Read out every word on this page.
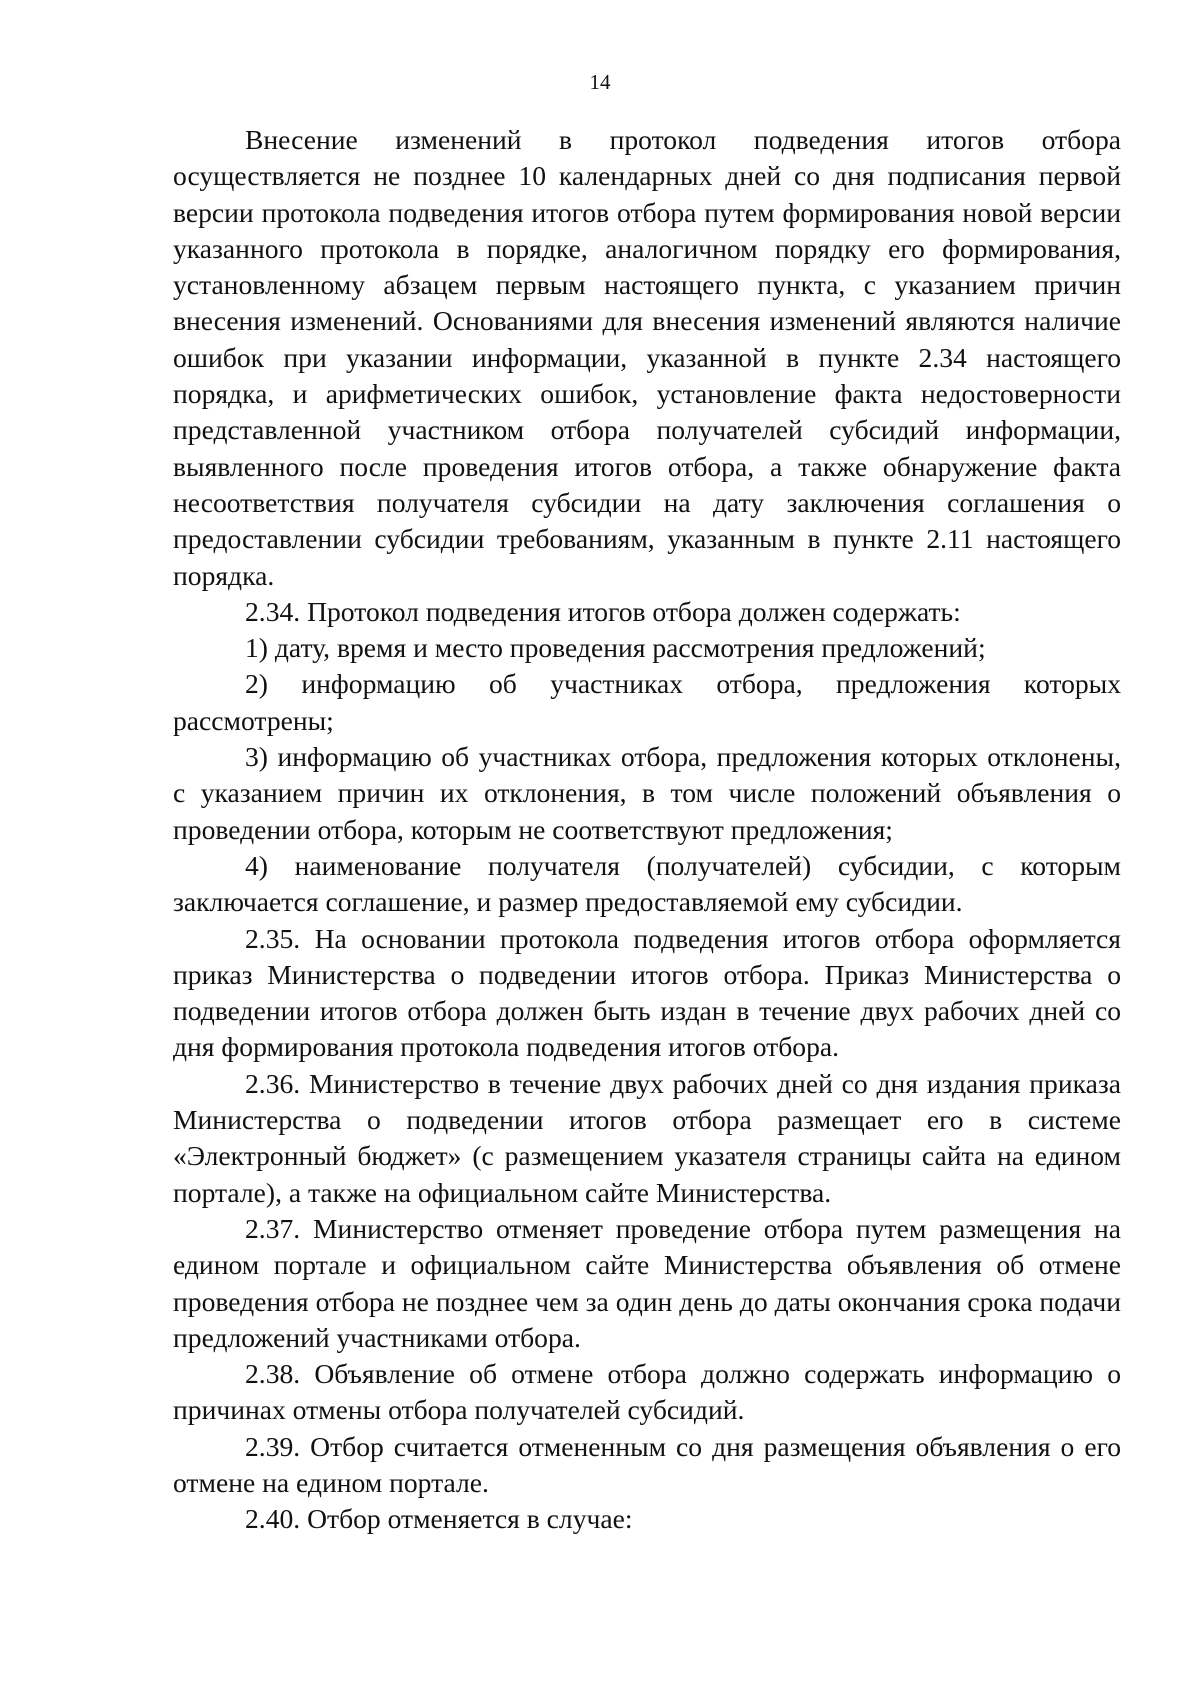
14

Внесение изменений в протокол подведения итогов отбора осуществляется не позднее 10 календарных дней со дня подписания первой версии протокола подведения итогов отбора путем формирования новой версии указанного протокола в порядке, аналогичном порядку его формирования, установленному абзацем первым настоящего пункта, с указанием причин внесения изменений. Основаниями для внесения изменений являются наличие ошибок при указании информации, указанной в пункте 2.34 настоящего порядка, и арифметических ошибок, установление факта недостоверности представленной участником отбора получателей субсидий информации, выявленного после проведения итогов отбора, а также обнаружение факта несоответствия получателя субсидии на дату заключения соглашения о предоставлении субсидии требованиям, указанным в пункте 2.11 настоящего порядка.

2.34. Протокол подведения итогов отбора должен содержать:

1) дату, время и место проведения рассмотрения предложений;

2) информацию об участниках отбора, предложения которых рассмотрены;

3) информацию об участниках отбора, предложения которых отклонены, с указанием причин их отклонения, в том числе положений объявления о проведении отбора, которым не соответствуют предложения;

4) наименование получателя (получателей) субсидии, с которым заключается соглашение, и размер предоставляемой ему субсидии.

2.35. На основании протокола подведения итогов отбора оформляется приказ Министерства о подведении итогов отбора. Приказ Министерства о подведении итогов отбора должен быть издан в течение двух рабочих дней со дня формирования протокола подведения итогов отбора.

2.36. Министерство в течение двух рабочих дней со дня издания приказа Министерства о подведении итогов отбора размещает его в системе «Электронный бюджет» (с размещением указателя страницы сайта на едином портале), а также на официальном сайте Министерства.

2.37. Министерство отменяет проведение отбора путем размещения на едином портале и официальном сайте Министерства объявления об отмене проведения отбора не позднее чем за один день до даты окончания срока подачи предложений участниками отбора.

2.38. Объявление об отмене отбора должно содержать информацию о причинах отмены отбора получателей субсидий.

2.39. Отбор считается отмененным со дня размещения объявления о его отмене на едином портале.

2.40. Отбор отменяется в случае:
